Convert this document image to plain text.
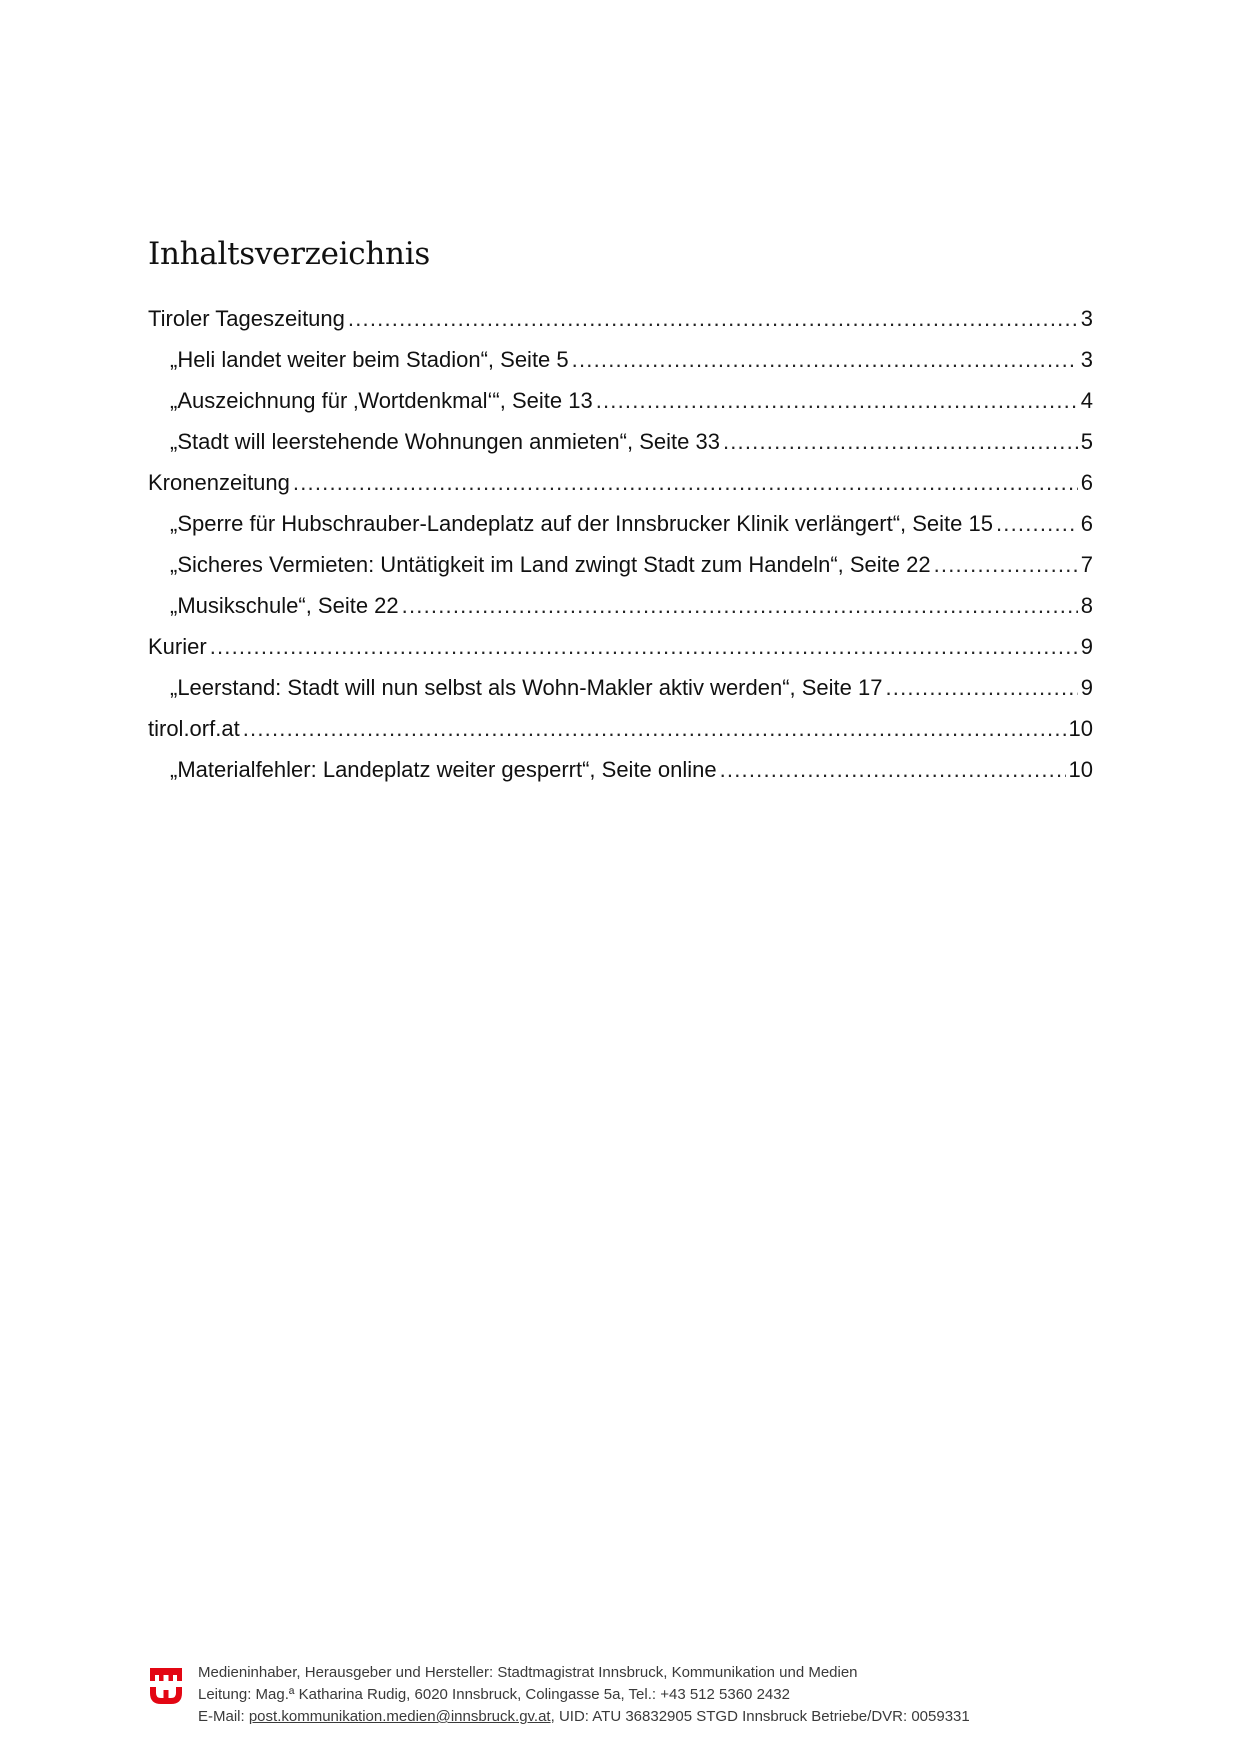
Inhaltsverzeichnis
Tiroler Tageszeitung .....	3
„Heli landet weiter beim Stadion“, Seite 5 .....	3
„Auszeichnung für ‚Wortdenkmal‘“, Seite 13 .....	4
„Stadt will leerstehende Wohnungen anmieten“, Seite 33 .....	5
Kronenzeitung .....	6
„Sperre für Hubschrauber-Landeplatz auf der Innsbrucker Klinik verlängert“, Seite 15 .....	6
„Sicheres Vermieten: Untätigkeit im Land zwingt Stadt zum Handeln“, Seite 22 .....	7
„Musikschule“, Seite 22 .....	8
Kurier .....	9
„Leerstand: Stadt will nun selbst als Wohn-Makler aktiv werden“, Seite 17 .....	9
tirol.orf.at .....	10
„Materialfehler: Landeplatz weiter gesperrt“, Seite online .....	10
Medieninhaber, Herausgeber und Hersteller: Stadtmagistrat Innsbruck, Kommunikation und Medien
Leitung: Mag.ª Katharina Rudig, 6020 Innsbruck, Colingasse 5a, Tel.: +43 512 5360 2432
E-Mail: post.kommunikation.medien@innsbruck.gv.at, UID: ATU 36832905 STGD Innsbruck Betriebe/DVR: 0059331
